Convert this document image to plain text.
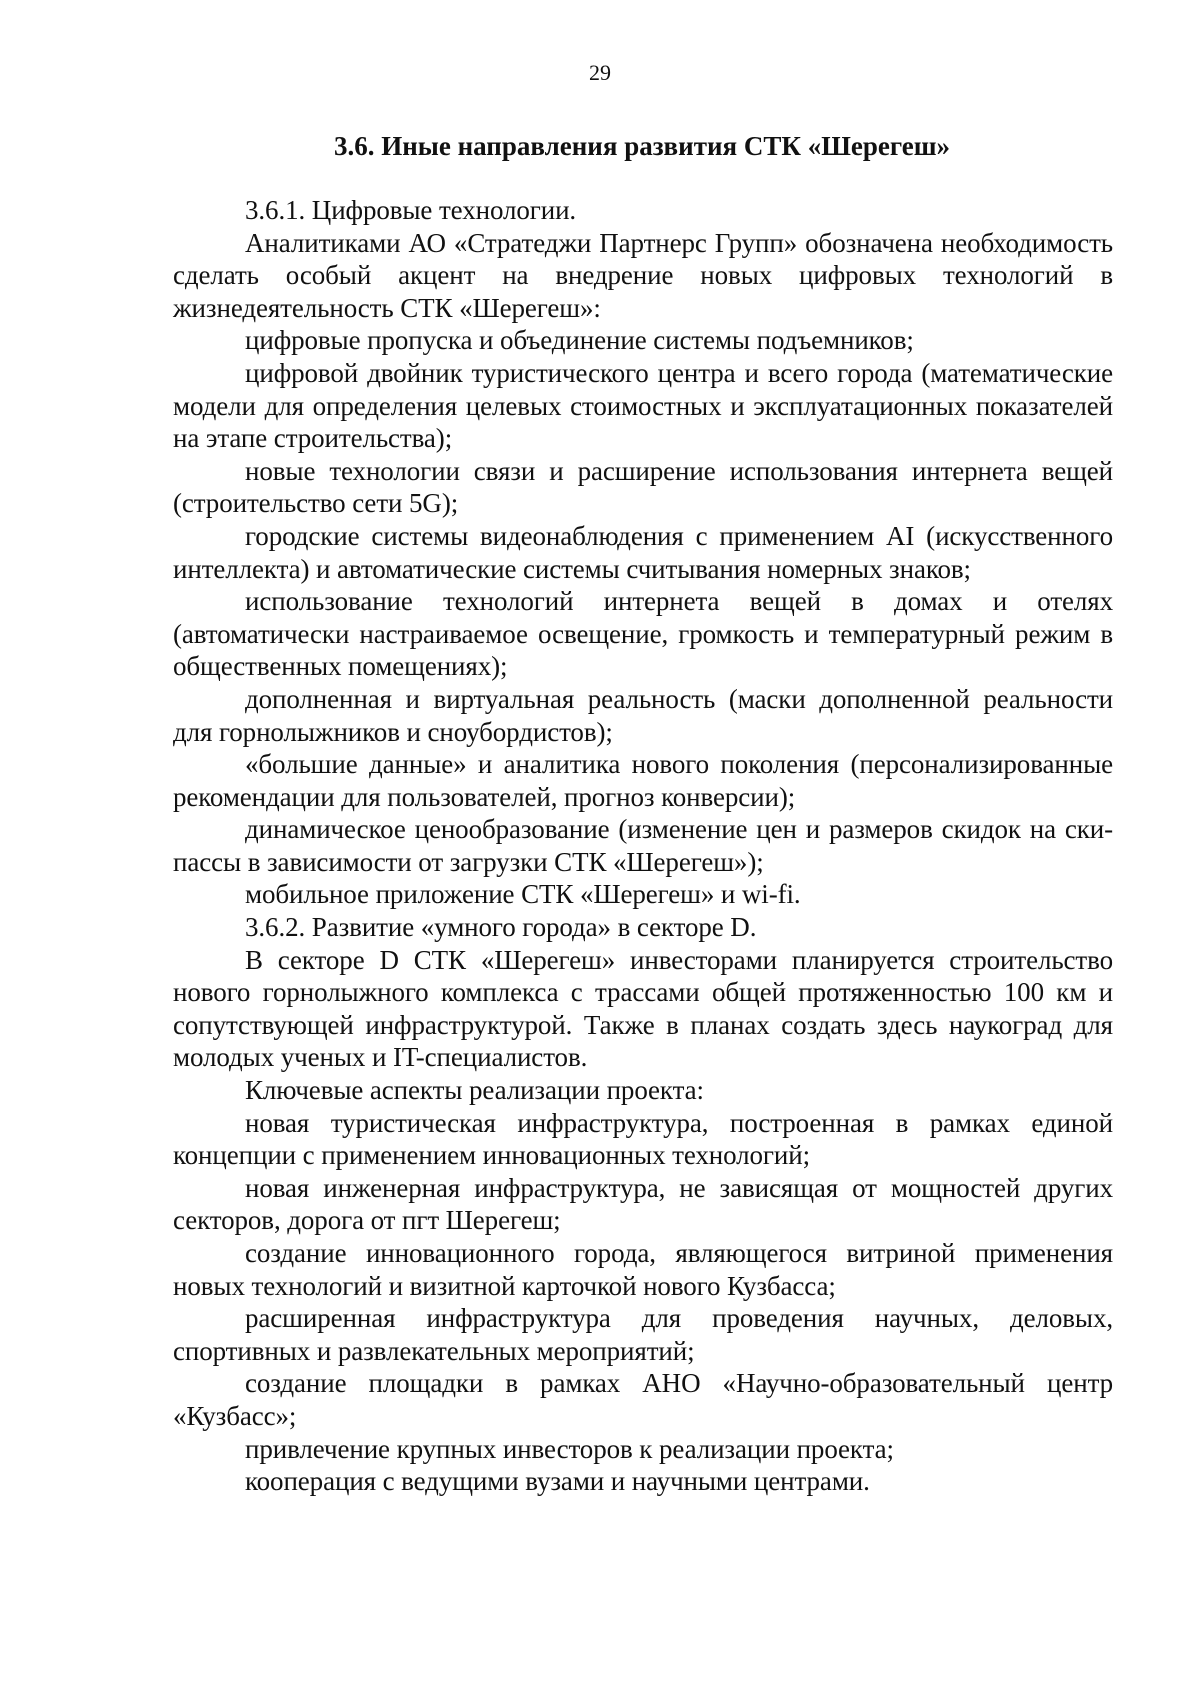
29
3.6. Иные направления развития СТК «Шерегеш»

3.6.1. Цифровые технологии.

Аналитиками АО «Стратеджи Партнерс Групп» обозначена необходимость сделать особый акцент на внедрение новых цифровых технологий в жизнедеятельность СТК «Шерегеш»:

цифровые пропуска и объединение системы подъемников;

цифровой двойник туристического центра и всего города (математические модели для определения целевых стоимостных и эксплуатационных показателей на этапе строительства);

новые технологии связи и расширение использования интернета вещей (строительство сети 5G);

городские системы видеонаблюдения с применением AI (искусственного интеллекта) и автоматические системы считывания номерных знаков;

использование технологий интернета вещей в домах и отелях (автоматически настраиваемое освещение, громкость и температурный режим в общественных помещениях);

дополненная и виртуальная реальность (маски дополненной реальности для горнолыжников и сноубордистов);

«большие данные» и аналитика нового поколения (персонализированные рекомендации для пользователей, прогноз конверсии);

динамическое ценообразование (изменение цен и размеров скидок на ски-пассы в зависимости от загрузки СТК «Шерегеш»);

мобильное приложение СТК «Шерегеш» и wi-fi.

3.6.2. Развитие «умного города» в секторе D.

В секторе D СТК «Шерегеш» инвесторами планируется строительство нового горнолыжного комплекса с трассами общей протяженностью 100 км и сопутствующей инфраструктурой. Также в планах создать здесь наукоград для молодых ученых и IT-специалистов.

Ключевые аспекты реализации проекта:

новая туристическая инфраструктура, построенная в рамках единой концепции с применением инновационных технологий;

новая инженерная инфраструктура, не зависящая от мощностей других секторов, дорога от пгт Шерегеш;

создание инновационного города, являющегося витриной применения новых технологий и визитной карточкой нового Кузбасса;

расширенная инфраструктура для проведения научных, деловых, спортивных и развлекательных мероприятий;

создание площадки в рамках АНО «Научно-образовательный центр «Кузбасс»;

привлечение крупных инвесторов к реализации проекта;

кооперация с ведущими вузами и научными центрами.
